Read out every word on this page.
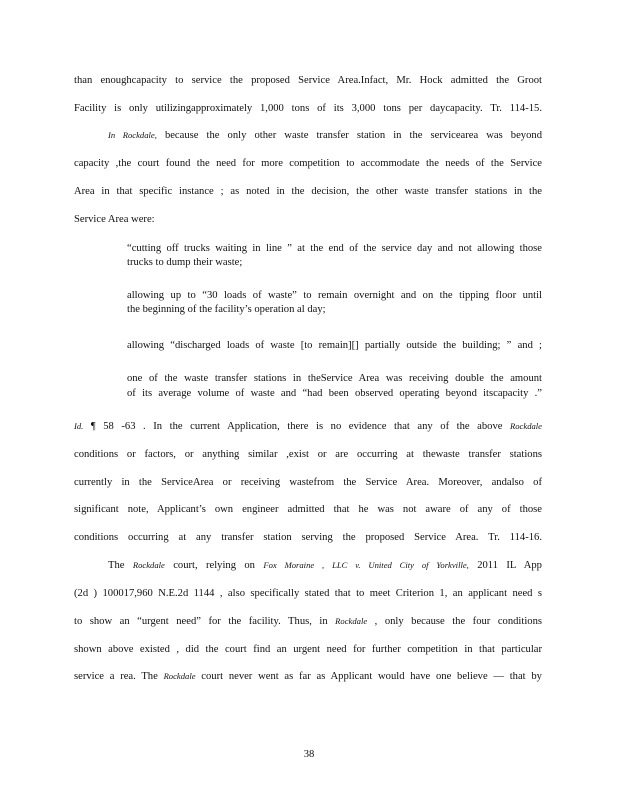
than enoughcapacity to service the proposed Service Area.Infact, Mr. Hock admitted the Groot
Facility is only utilizingapproximately 1,000 tons of its 3,000 tons per daycapacity. Tr. 114-15.
In Rockdale, because the only other waste transfer station in the servicearea was beyond
capacity ,the court found the need for more competition to accommodate the needs of the Service
Area in that specific instance ; as noted in the decision, the other waste transfer stations in the
Service Area were:
“cutting off trucks waiting in line ” at the end of the service day and not allowing those
trucks to dump their waste;
allowing up to “30 loads of waste” to remain overnight and on the tipping floor until
the beginning of the facility’s operation al day;
allowing “discharged loads of waste [to remain][] partially outside the building; ” and ;
one of the waste transfer stations in theService Area was receiving double the amount
of its average volume of waste and “had been observed operating beyond itscapacity .”
Id. ¶ 58 -63 . In the current Application, there is no evidence that any of the above Rockdale
conditions or factors, or anything similar ,exist or are occurring at thewaste transfer stations
currently in the ServiceArea or receiving wastefrom the Service Area. Moreover, andalso of
significant note, Applicant’s own engineer admitted that he was not aware of any of those
conditions occurring at any transfer station serving the proposed Service Area. Tr. 114-16.
The Rockdale court, relying on Fox Moraine , LLC v. United City of Yorkville, 2011 IL App
(2d ) 100017,960 N.E.2d 1144 , also specifically stated that to meet Criterion 1, an applicant need s
to show an “urgent need” for the facility. Thus, in Rockdale , only because the four conditions
shown above existed , did the court find an urgent need for further competition in that particular
service a rea. The Rockdale court never went as far as Applicant would have one believe — that by
38
